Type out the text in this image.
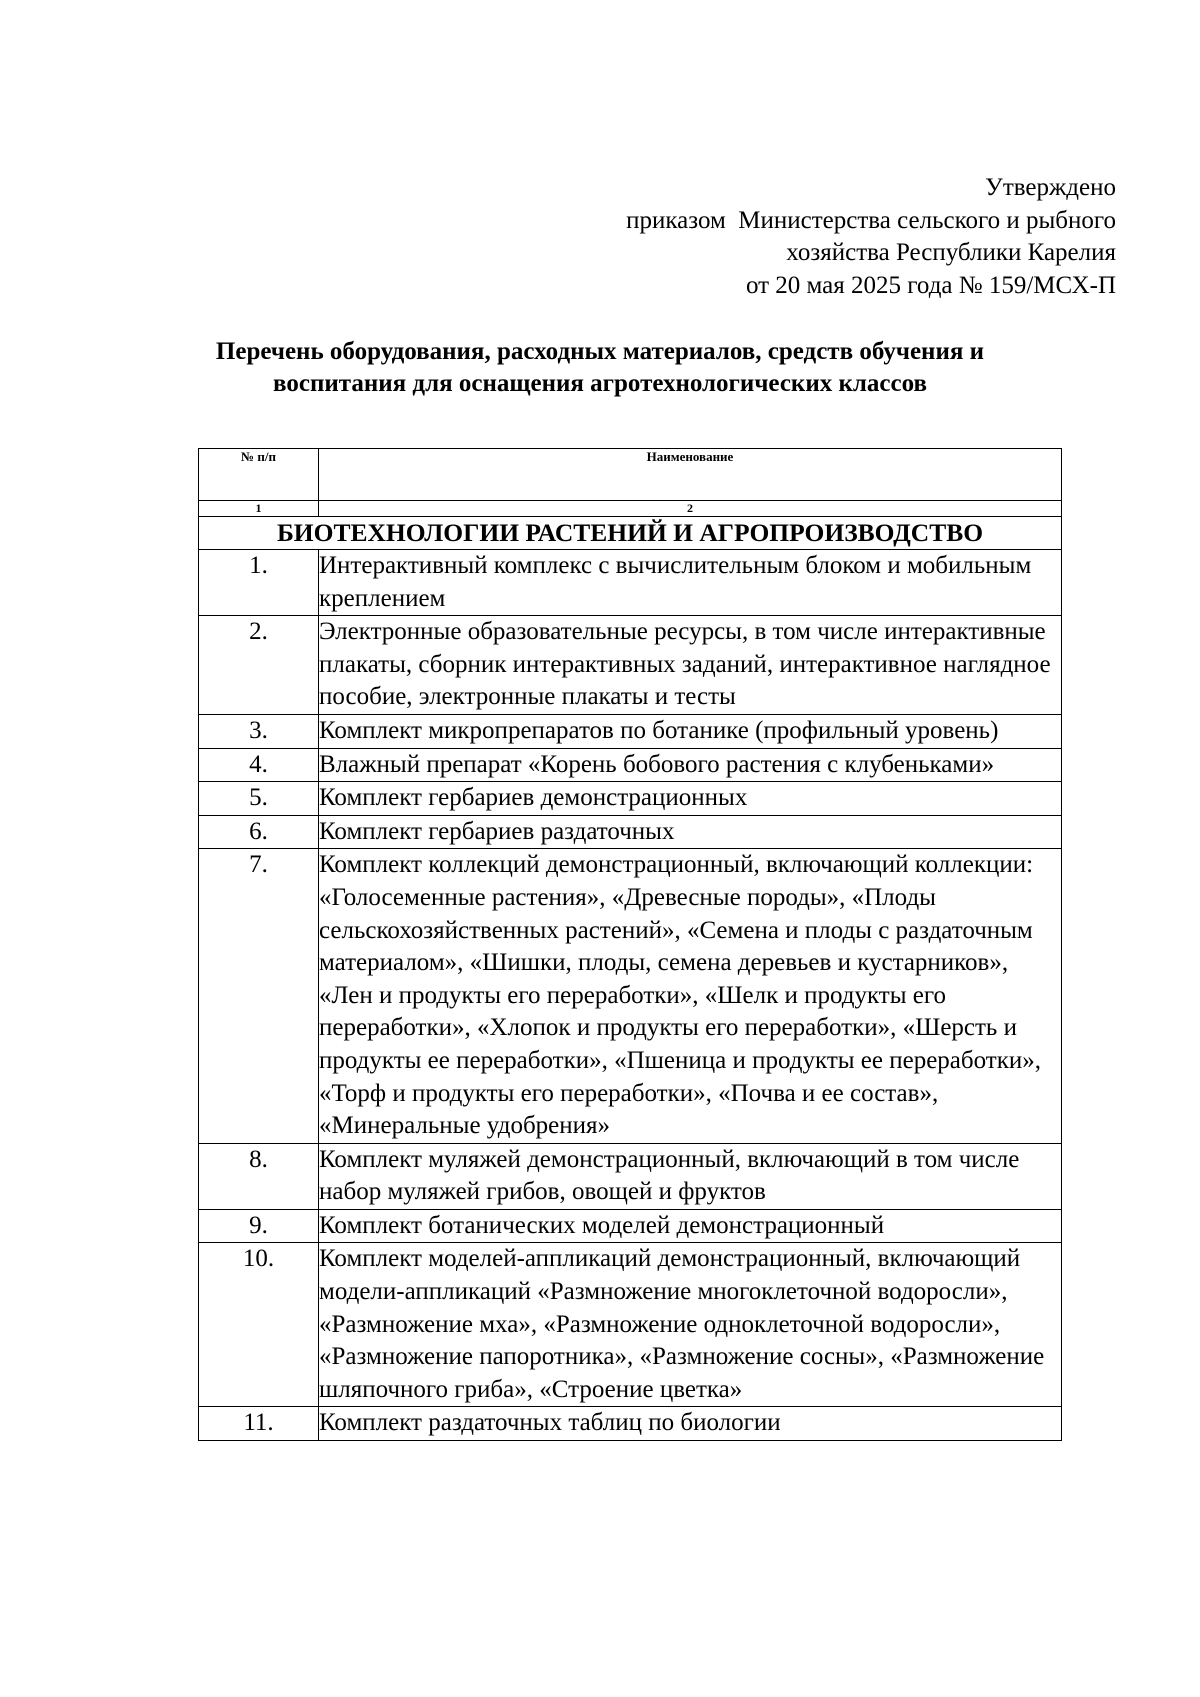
Утверждено
приказом  Министерства сельского и рыбного
хозяйства Республики Карелия
от 20 мая 2025 года № 159/МСХ-П
Перечень оборудования, расходных материалов, средств обучения и
воспитания для оснащения агротехнологических классов
№ п/п	Наименование
1	2
БИОТЕХНОЛОГИИ РАСТЕНИЙ И АГРОПРОИЗВОДСТВО	
1.	Интерактивный комплекс с вычислительным блоком и мобильным креплением
2.	Электронные образовательные ресурсы, в том числе интерактивные плакаты, сборник интерактивных заданий, интерактивное наглядное пособие, электронные плакаты и тесты
3.	Комплект микропрепаратов по ботанике (профильный уровень)
4.	Влажный препарат «Корень бобового растения с клубеньками»
5.	Комплект гербариев демонстрационных
6.	Комплект гербариев раздаточных
7.	Комплект коллекций демонстрационный, включающий коллекции: «Голосеменные растения», «Древесные породы», «Плоды сельскохозяйственных растений», «Семена и плоды с раздаточным материалом», «Шишки, плоды, семена деревьев и кустарников», «Лен и продукты его переработки», «Шелк и продукты его переработки», «Хлопок и продукты его переработки», «Шерсть и продукты ее переработки», «Пшеница и продукты ее переработки», «Торф и продукты его переработки», «Почва и ее состав», «Минеральные удобрения»
8.	Комплект муляжей демонстрационный, включающий в том числе набор муляжей грибов, овощей и фруктов
9.	Комплект ботанических моделей демонстрационный
10.	Комплект моделей-аппликаций демонстрационный, включающий модели-аппликаций «Размножение многоклеточной водоросли», «Размножение мха», «Размножение одноклеточной водоросли», «Размножение папоротника», «Размножение сосны», «Размножение шляпочного гриба», «Строение цветка»
11.	Комплект раздаточных таблиц по биологии
